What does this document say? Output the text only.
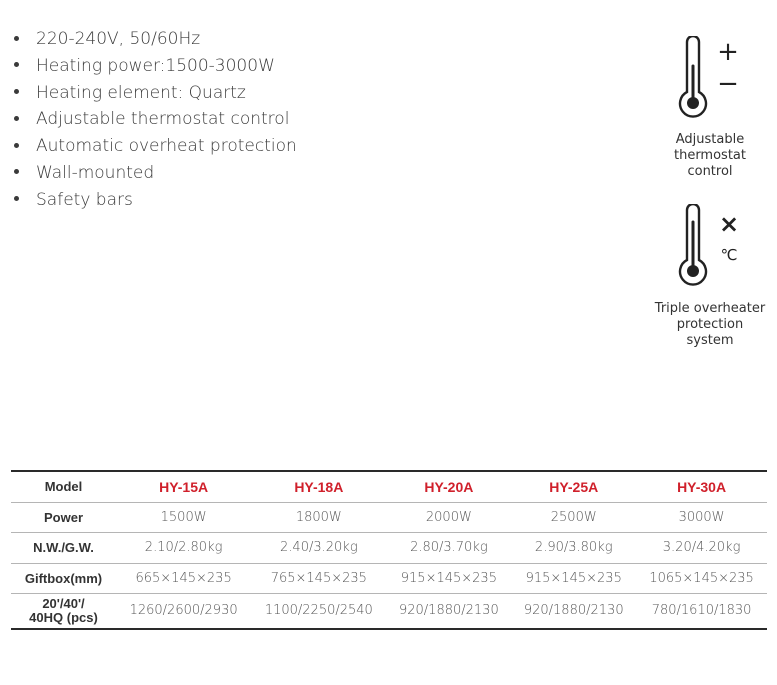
220-240V, 50/60Hz
Heating power:1500-3000W
Heating element: Quartz
Adjustable thermostat control
Automatic overheat protection
Wall-mounted
Safety bars
+
−
Adjustable
thermostat
control
×
℃
Triple overheater
protection
system
Model	HY-15A	HY-18A	HY-20A	HY-25A	HY-30A
Power	1500W	1800W	2000W	2500W	3000W
N.W./G.W.	2.10/2.80kg	2.40/3.20kg	2.80/3.70kg	2.90/3.80kg	3.20/4.20kg
Giftbox(mm)	665×145×235	765×145×235	915×145×235	915×145×235	1065×145×235
20'/40'/
40HQ (pcs)	1260/2600/2930	1100/2250/2540	920/1880/2130	920/1880/2130	780/1610/1830
